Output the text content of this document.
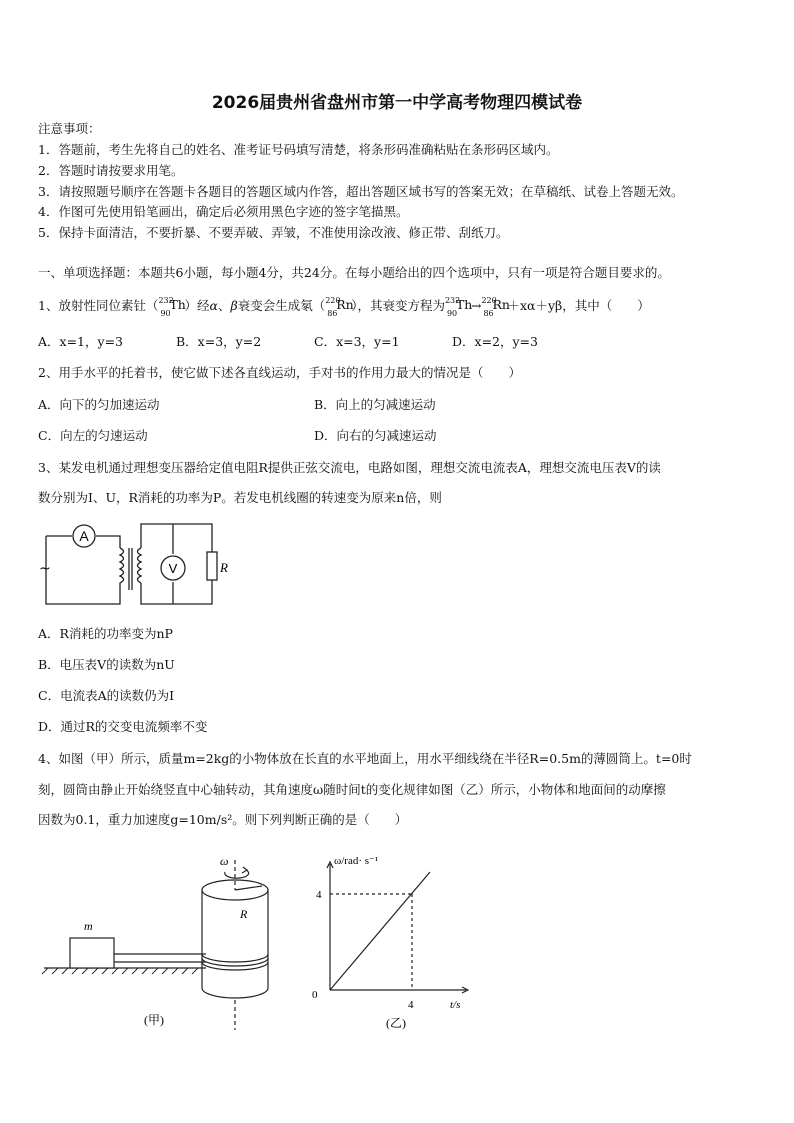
2026届贵州省盘州市第一中学高考物理四模试卷
注意事项：
1．答题前，考生先将自己的姓名、准考证号码填写清楚，将条形码准确粘贴在条形码区域内。
2．答题时请按要求用笔。
3．请按照题号顺序在答题卡各题目的答题区域内作答，超出答题区域书写的答案无效；在草稿纸、试卷上答题无效。
4．作图可先使用铅笔画出，确定后必须用黑色字迹的签字笔描黑。
5．保持卡面清洁，不要折暴、不要弄破、弄皱，不准使用涂改液、修正带、刮纸刀。
一、单项选择题：本题共6小题，每小题4分，共24分。在每小题给出的四个选项中，只有一项是符合题目要求的。
1、放射性同位素钍（ 232
90
Th
）经α、β衰变会生成氡（ 220
86
Rn
），其衰变方程为 232
90
Th
→ 220
86
Rn
＋xα＋yβ，其中（　　）
A．x=1，y=3	B．x=3，y=2	C．x=3，y=1	D．x=2，y=3
2、用手水平的托着书，使它做下述各直线运动，手对书的作用力最大的情况是（　　）
A．向下的匀加速运动	B．向上的匀减速运动
C．向左的匀速运动	D．向右的匀减速运动
3、某发电机通过理想变压器给定值电阻R提供正弦交流电，电路如图，理想交流电流表A，理想交流电压表V的读
数分别为I、U，R消耗的功率为P。若发电机线圈的转速变为原来n倍，则
A
V	R
~
A．R消耗的功率变为nP
B．电压表V的读数为nU
C．电流表A的读数仍为I
D．通过R的交变电流频率不变
4、如图（甲）所示，质量m=2kg的小物体放在长直的水平地面上，用水平细线绕在半径R=0.5m的薄圆筒上。t=0时
刻，圆筒由静止开始绕竖直中心轴转动，其角速度ω随时间t的变化规律如图（乙）所示，小物体和地面间的动摩擦
因数为0.1，重力加速度g=10m/s²。则下列判断正确的是（　　）
m
R
ω
(甲)
ω/rad· s⁻¹
t/s
0
4
4
(乙)
